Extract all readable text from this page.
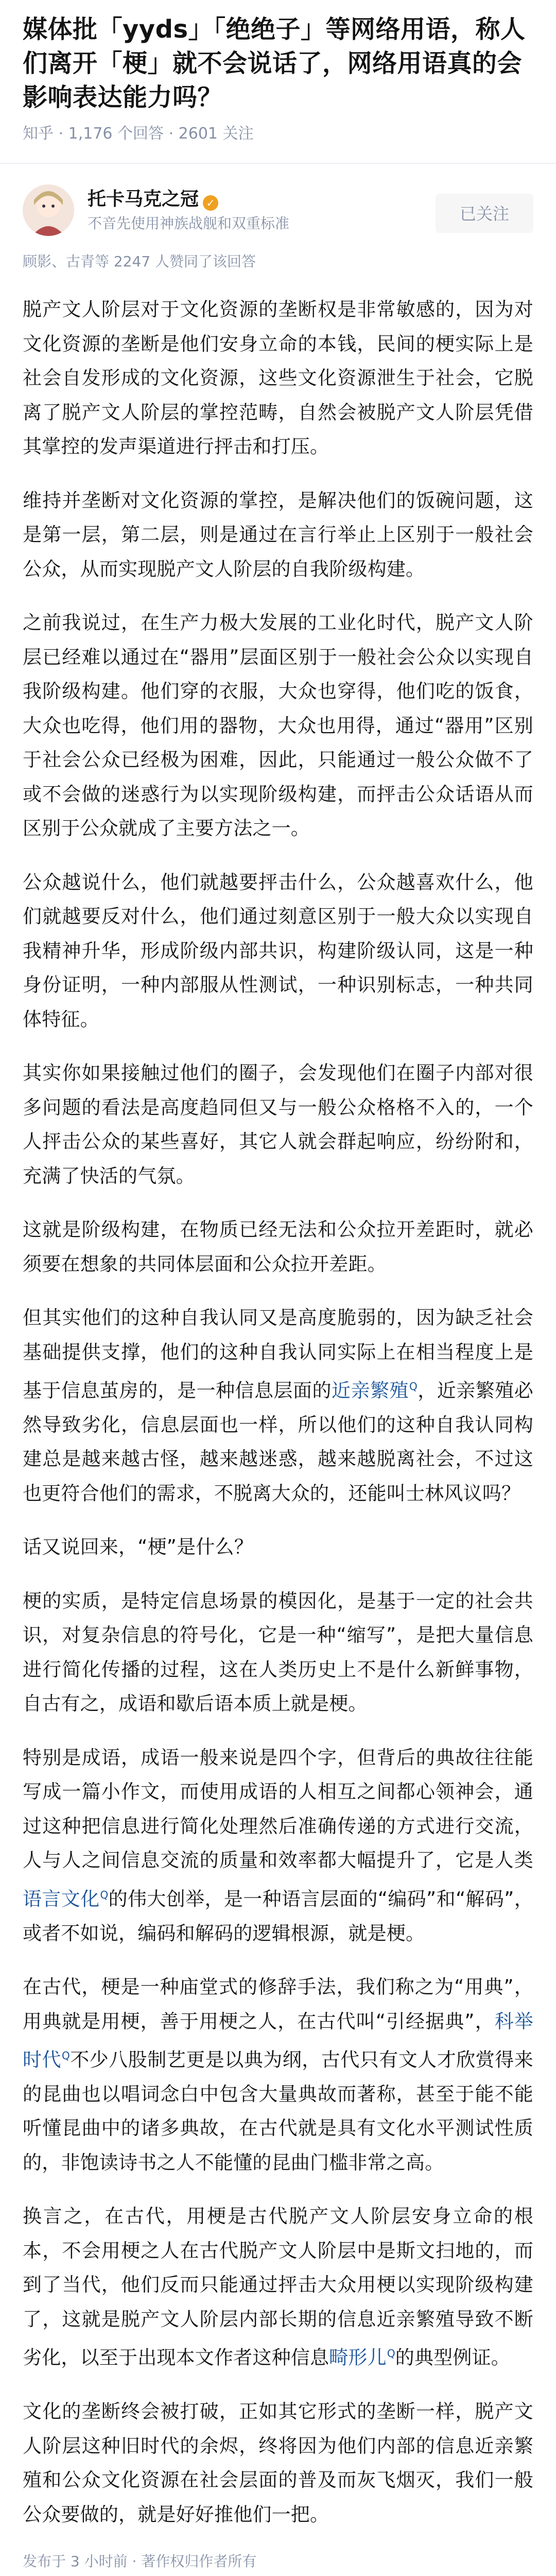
媒体批「yyds」「绝绝子」等网络用语，称人们离开「梗」就不会说话了，网络用语真的会影响表达能力吗？
知乎 · 1,176 个回答 · 2601 关注
托卡马克之冠 ✓
不音先使用神族战舰和双重标准
已关注
顾影、古青等 2247 人赞同了该回答

脱产文人阶层对于文化资源的垄断权是非常敏感的，因为对文化资源的垄断是他们安身立命的本钱，民间的梗实际上是社会自发形成的文化资源，这些文化资源泄生于社会，它脱离了脱产文人阶层的掌控范畴，自然会被脱产文人阶层凭借其掌控的发声渠道进行抨击和打压。

维持并垄断对文化资源的掌控，是解决他们的饭碗问题，这是第一层，第二层，则是通过在言行举止上区别于一般社会公众，从而实现脱产文人阶层的自我阶级构建。

之前我说过，在生产力极大发展的工业化时代，脱产文人阶层已经难以通过在“器用”层面区别于一般社会公众以实现自我阶级构建。他们穿的衣服，大众也穿得，他们吃的饭食，大众也吃得，他们用的器物，大众也用得，通过“器用”区别于社会公众已经极为困难，因此，只能通过一般公众做不了或不会做的迷惑行为以实现阶级构建，而抨击公众话语从而区别于公众就成了主要方法之一。

公众越说什么，他们就越要抨击什么，公众越喜欢什么，他们就越要反对什么，他们通过刻意区别于一般大众以实现自我精神升华，形成阶级内部共识，构建阶级认同，这是一种身份证明，一种内部服从性测试，一种识别标志，一种共同体特征。

其实你如果接触过他们的圈子，会发现他们在圈子内部对很多问题的看法是高度趋同但又与一般公众格格不入的，一个人抨击公众的某些喜好，其它人就会群起响应，纷纷附和，充满了快活的气氛。

这就是阶级构建，在物质已经无法和公众拉开差距时，就必须要在想象的共同体层面和公众拉开差距。

但其实他们的这种自我认同又是高度脆弱的，因为缺乏社会基础提供支撑，他们的这种自我认同实际上在相当程度上是基于信息茧房的，是一种信息层面的近亲繁殖Q，近亲繁殖必然导致劣化，信息层面也一样，所以他们的这种自我认同构建总是越来越古怪，越来越迷惑，越来越脱离社会，不过这也更符合他们的需求，不脱离大众的，还能叫士林风议吗？

话又说回来，“梗”是什么？

梗的实质，是特定信息场景的模因化，是基于一定的社会共识，对复杂信息的符号化，它是一种“缩写”，是把大量信息进行简化传播的过程，这在人类历史上不是什么新鲜事物，自古有之，成语和歇后语本质上就是梗。

特别是成语，成语一般来说是四个字，但背后的典故往往能写成一篇小作文，而使用成语的人相互之间都心领神会，通过这种把信息进行简化处理然后准确传递的方式进行交流，人与人之间信息交流的质量和效率都大幅提升了，它是人类语言文化Q的伟大创举，是一种语言层面的“编码”和“解码”，或者不如说，编码和解码的逻辑根源，就是梗。

在古代，梗是一种庙堂式的修辞手法，我们称之为“用典”，用典就是用梗，善于用梗之人，在古代叫“引经据典”，科举时代Q不少八股制艺更是以典为纲，古代只有文人才欣赏得来的昆曲也以唱词念白中包含大量典故而著称，甚至于能不能听懂昆曲中的诸多典故，在古代就是具有文化水平测试性质的，非饱读诗书之人不能懂的昆曲门槛非常之高。

换言之，在古代，用梗是古代脱产文人阶层安身立命的根本，不会用梗之人在古代脱产文人阶层中是斯文扫地的，而到了当代，他们反而只能通过抨击大众用梗以实现阶级构建了，这就是脱产文人阶层内部长期的信息近亲繁殖导致不断劣化，以至于出现本文作者这种信息畸形儿Q的典型例证。

文化的垄断终会被打破，正如其它形式的垄断一样，脱产文人阶层这种旧时代的余烬，终将因为他们内部的信息近亲繁殖和公众文化资源在社会层面的普及而灰飞烟灭，我们一般公众要做的，就是好好推他们一把。

发布于 3 小时前 · 著作权归作者所有
